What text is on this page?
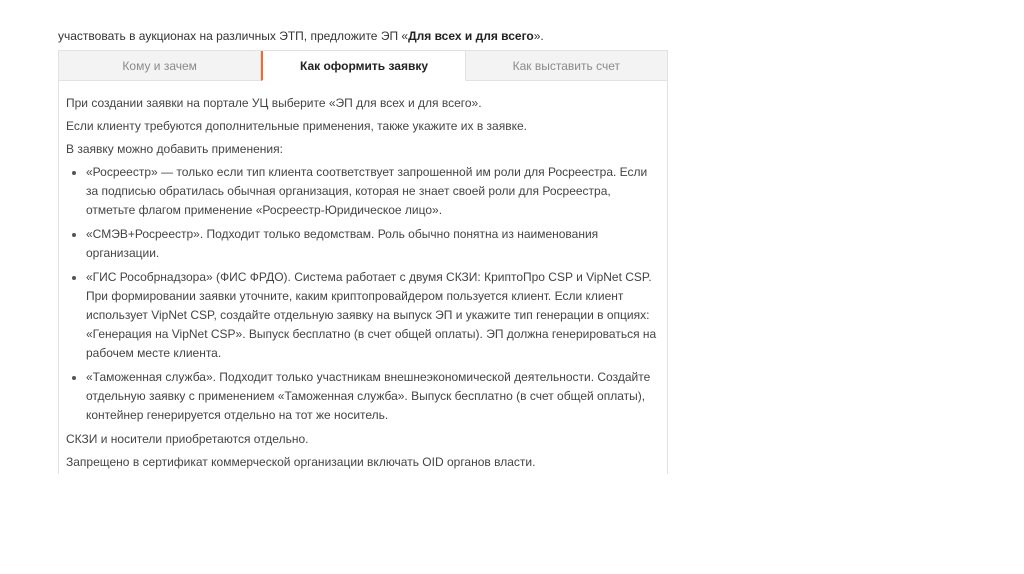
участвовать в аукционах на различных ЭТП, предложите ЭП «Для всех и для всего».
Кому и зачем	Как оформить заявку	Как выставить счет

При создании заявки на портале УЦ выберите «ЭП для всех и для всего».

Если клиенту требуются дополнительные применения, также укажите их в заявке.

В заявку можно добавить применения:

• «Росреестр» — только если тип клиента соответствует запрошенной им роли для Росреестра. Если за подписью обратилась обычная организация, которая не знает своей роли для Росреестра, отметьте флагом применение «Росреестр-Юридическое лицо».
• «СМЭВ+Росреестр». Подходит только ведомствам. Роль обычно понятна из наименования организации.
• «ГИС Рособрнадзора» (ФИС ФРДО). Система работает с двумя СКЗИ: КриптоПро CSP и VipNet CSP. При формировании заявки уточните, каким криптопровайдером пользуется клиент. Если клиент использует VipNet CSP, создайте отдельную заявку на выпуск ЭП и укажите тип генерации в опциях: «Генерация на VipNet CSP». Выпуск бесплатно (в счет общей оплаты). ЭП должна генерироваться на рабочем месте клиента.
• «Таможенная служба». Подходит только участникам внешнеэкономической деятельности. Создайте отдельную заявку с применением «Таможенная служба». Выпуск бесплатно (в счет общей оплаты), контейнер генерируется отдельно на тот же носитель.

СКЗИ и носители приобретаются отдельно.

Запрещено в сертификат коммерческой организации включать OID органов власти.
